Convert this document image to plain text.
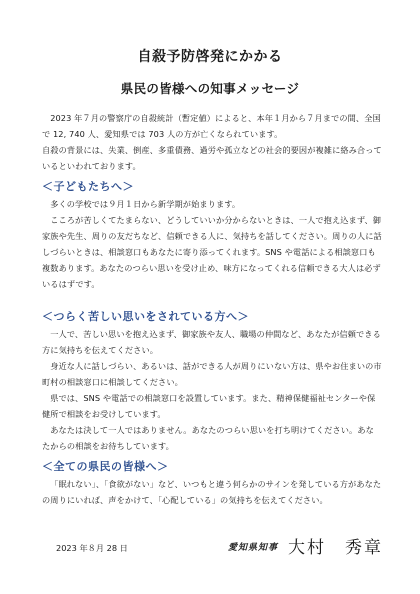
自殺予防啓発にかかる
県民の皆様への知事メッセージ

2023 年７月の警察庁の自殺統計（暫定値）によると、本年１月から７月までの間、全国で 12, 740 人、愛知県では 703 人の方が亡くなられています。

自殺の背景には、失業、倒産、多重債務、過労や孤立などの社会的要因が複雑に絡み合っているといわれております。

＜子どもたちへ＞

多くの学校では９月１日から新学期が始まります。

こころが苦しくてたまらない、どうしていいか分からないときは、一人で抱え込まず、御家族や先生、周りの友だちなど、信頼できる人に、気持ちを話してください。周りの人に話しづらいときは、相談窓口もあなたに寄り添ってくれます。SNS や電話による相談窓口も複数あります。あなたのつらい思いを受け止め、味方になってくれる信頼できる大人は必ずいるはずです。

＜つらく苦しい思いをされている方へ＞

一人で、苦しい思いを抱え込まず、御家族や友人、職場の仲間など、あなたが信頼できる方に気持ちを伝えてください。

身近な人に話しづらい、あるいは、話ができる人が周りにいない方は、県やお住まいの市町村の相談窓口に相談してください。

県では、SNS や電話での相談窓口を設置しています。また、精神保健福祉センターや保健所で相談をお受けしています。

あなたは決して一人ではありません。あなたのつらい思いを打ち明けてください。あなたからの相談をお待ちしています。

＜全ての県民の皆様へ＞

「眠れない」、「食欲がない」など、いつもと違う何らかのサインを発している方があなたの周りにいれば、声をかけて、「心配している」の気持ちを伝えてください。

2023 年８月 28 日	愛知県知事 大村　秀章
